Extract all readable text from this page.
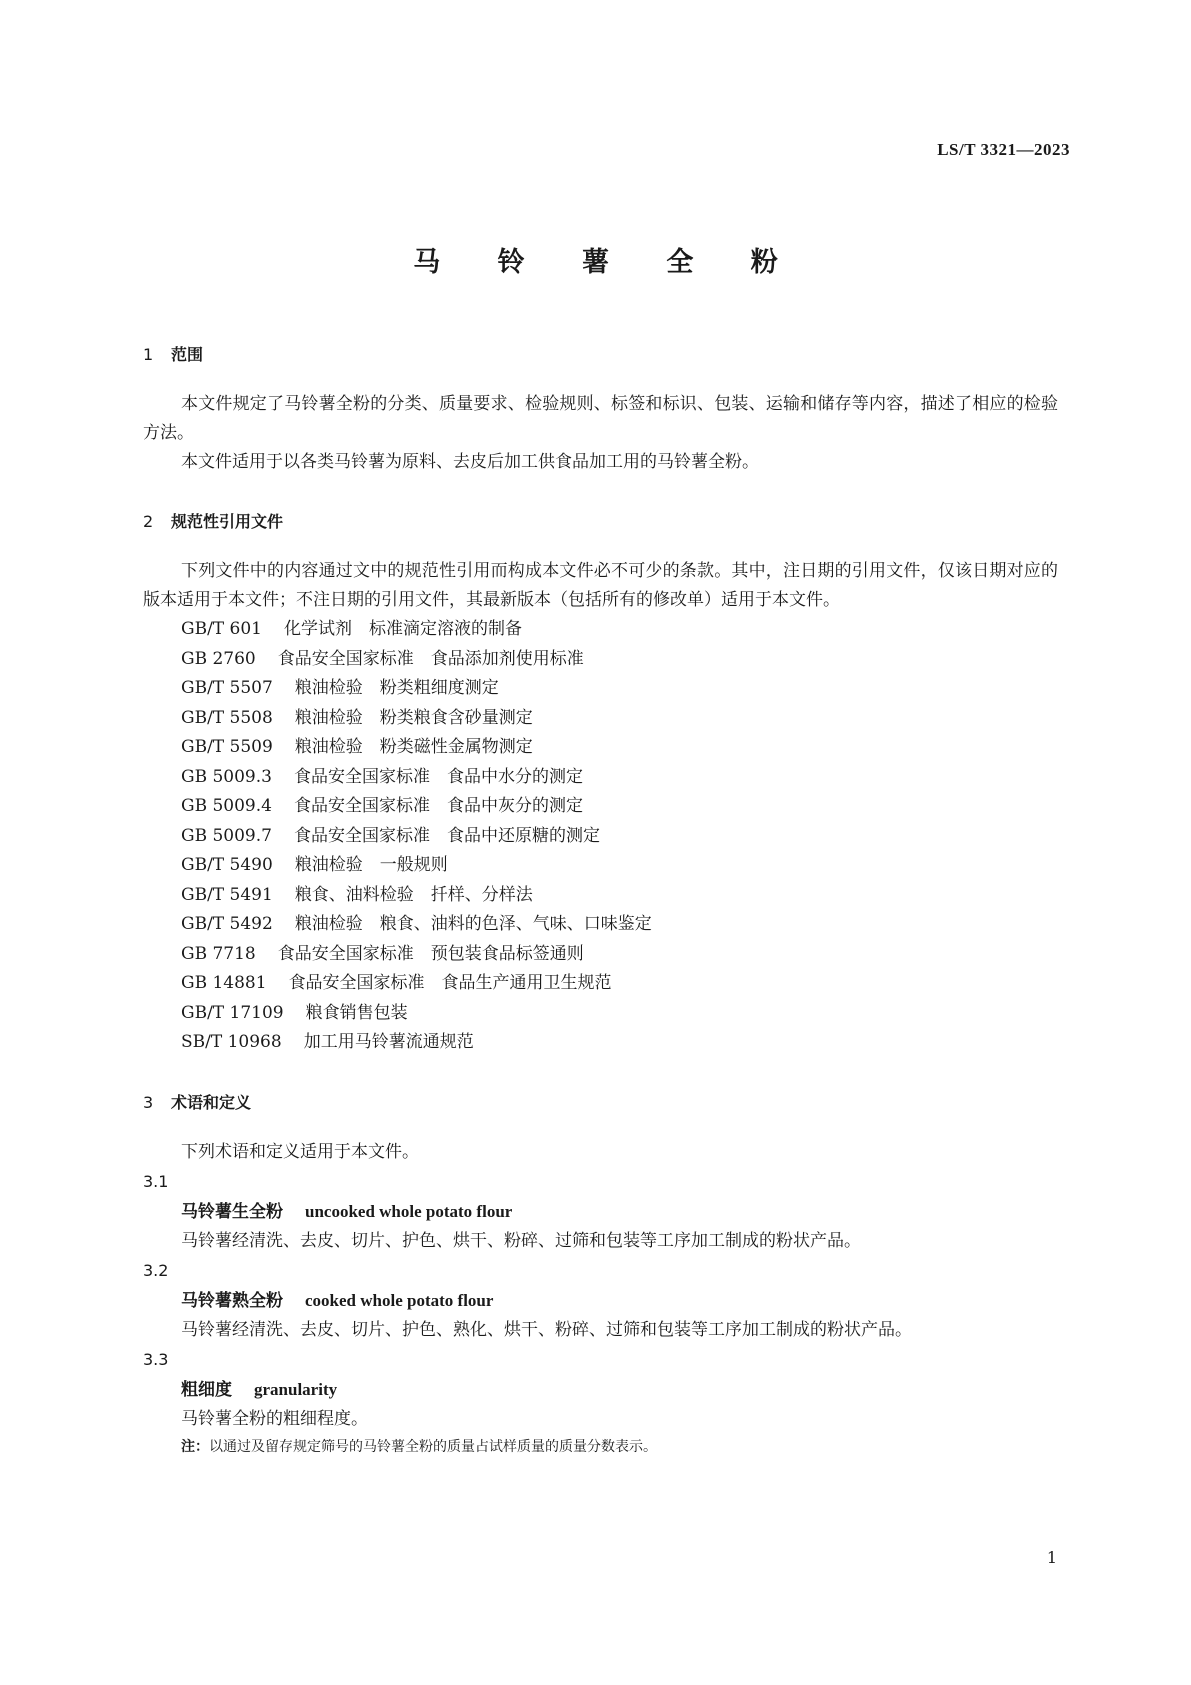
LS/T 3321—2023
马 铃 薯 全 粉
1 范围

本文件规定了马铃薯全粉的分类、质量要求、检验规则、标签和标识、包装、运输和储存等内容，描述了相应的检验方法。

本文件适用于以各类马铃薯为原料、去皮后加工供食品加工用的马铃薯全粉。

2 规范性引用文件

下列文件中的内容通过文中的规范性引用而构成本文件必不可少的条款。其中，注日期的引用文件，仅该日期对应的版本适用于本文件；不注日期的引用文件，其最新版本（包括所有的修改单）适用于本文件。

GB/T 601 化学试剂　标准滴定溶液的制备
GB 2760 食品安全国家标准　食品添加剂使用标准
GB/T 5507 粮油检验　粉类粗细度测定
GB/T 5508 粮油检验　粉类粮食含砂量测定
GB/T 5509 粮油检验　粉类磁性金属物测定
GB 5009.3 食品安全国家标准　食品中水分的测定
GB 5009.4 食品安全国家标准　食品中灰分的测定
GB 5009.7 食品安全国家标准　食品中还原糖的测定
GB/T 5490 粮油检验　一般规则
GB/T 5491 粮食、油料检验　扦样、分样法
GB/T 5492 粮油检验　粮食、油料的色泽、气味、口味鉴定
GB 7718 食品安全国家标准　预包装食品标签通则
GB 14881 食品安全国家标准　食品生产通用卫生规范
GB/T 17109 粮食销售包装
SB/T 10968 加工用马铃薯流通规范
3 术语和定义

下列术语和定义适用于本文件。

3.1
马铃薯生全粉 uncooked whole potato flour
马铃薯经清洗、去皮、切片、护色、烘干、粉碎、过筛和包装等工序加工制成的粉状产品。
3.2
马铃薯熟全粉 cooked whole potato flour
马铃薯经清洗、去皮、切片、护色、熟化、烘干、粉碎、过筛和包装等工序加工制成的粉状产品。
3.3
粗细度 granularity
马铃薯全粉的粗细程度。
注：以通过及留存规定筛号的马铃薯全粉的质量占试样质量的质量分数表示。
1
